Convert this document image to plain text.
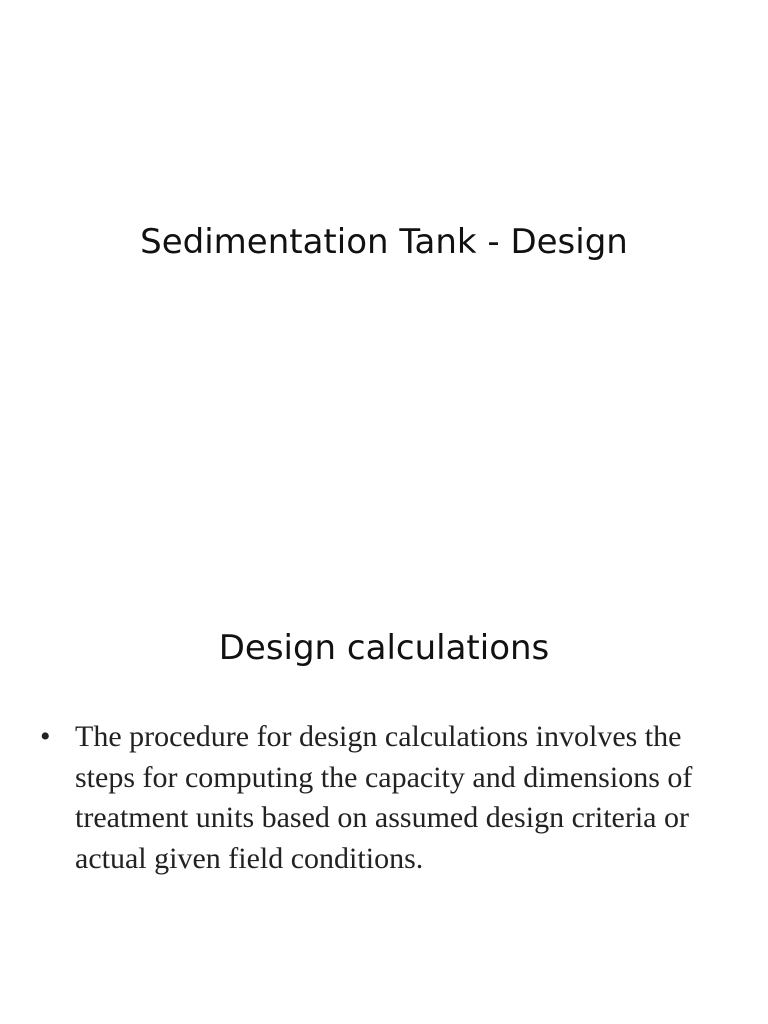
Sedimentation Tank - Design
Design calculations
• The procedure for design calculations involves the steps for computing the capacity and dimensions of treatment units based on assumed design criteria or actual given field conditions.
